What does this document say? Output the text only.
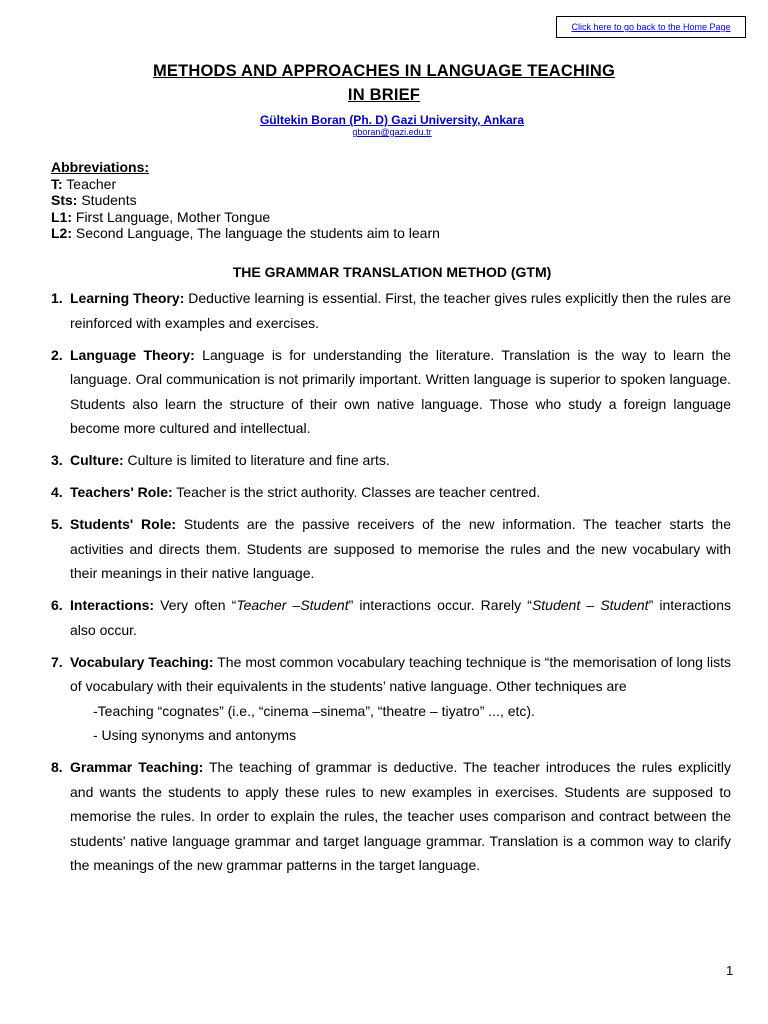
Click here to go back to the Home Page
METHODS AND APPROACHES IN LANGUAGE TEACHING
IN BRIEF
Gültekin Boran (Ph. D) Gazi University, Ankara
gboran@gazi.edu.tr
Abbreviations:
T: Teacher
Sts: Students
L1: First Language, Mother Tongue
L2: Second Language, The language the students aim to learn
THE GRAMMAR TRANSLATION METHOD (GTM)
1. Learning Theory: Deductive learning is essential. First, the teacher gives rules explicitly then the rules are reinforced with examples and exercises.
2. Language Theory: Language is for understanding the literature. Translation is the way to learn the language. Oral communication is not primarily important. Written language is superior to spoken language. Students also learn the structure of their own native language. Those who study a foreign language become more cultured and intellectual.
3. Culture: Culture is limited to literature and fine arts.
4. Teachers' Role: Teacher is the strict authority. Classes are teacher centred.
5. Students' Role: Students are the passive receivers of the new information. The teacher starts the activities and directs them. Students are supposed to memorise the rules and the new vocabulary with their meanings in their native language.
6. Interactions: Very often “Teacher –Student” interactions occur. Rarely “Student – Student” interactions also occur.
7. Vocabulary Teaching: The most common vocabulary teaching technique is “the memorisation of long lists of vocabulary with their equivalents in the students’ native language. Other techniques are
-Teaching “cognates” (i.e., “cinema –sinema”, “theatre – tiyatro” ..., etc).
- Using synonyms and antonyms
8. Grammar Teaching: The teaching of grammar is deductive. The teacher introduces the rules explicitly and wants the students to apply these rules to new examples in exercises. Students are supposed to memorise the rules. In order to explain the rules, the teacher uses comparison and contract between the students' native language grammar and target language grammar. Translation is a common way to clarify the meanings of the new grammar patterns in the target language.
1
